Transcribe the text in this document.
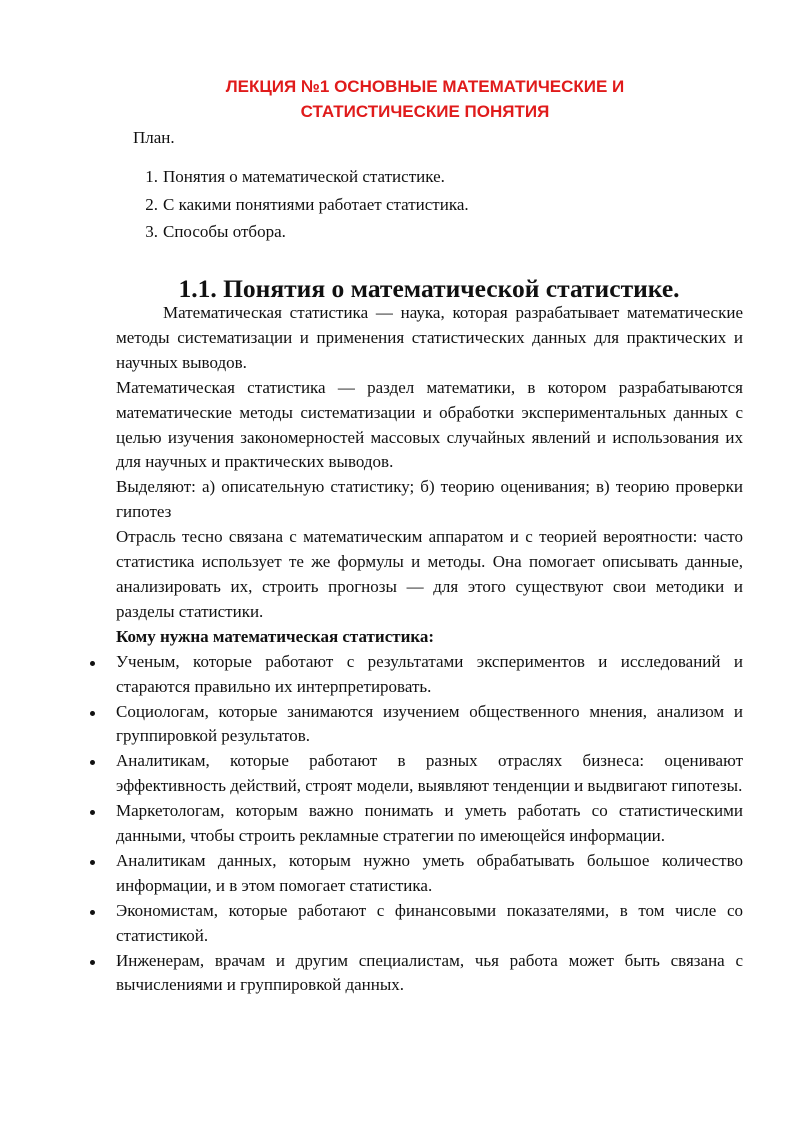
ЛЕКЦИЯ №1 ОСНОВНЫЕ МАТЕМАТИЧЕСКИЕ И
СТАТИСТИЧЕСКИЕ ПОНЯТИЯ

План.

1. Понятия о математической статистике.
2. С какими понятиями работает статистика.
3. Способы отбора.
1.1. Понятия о математической статистике.

Математическая статистика — наука, которая разрабатывает математические методы систематизации и применения статистических данных для практических и научных выводов.

Математическая статистика — раздел математики, в котором разрабатываются математические методы систематизации и обработки экспериментальных данных с целью изучения закономерностей массовых случайных явлений и использования их для научных и практических выводов.

Выделяют: а) описательную статистику; б) теорию оценивания; в) теорию проверки гипотез

Отрасль тесно связана с математическим аппаратом и с теорией вероятности: часто статистика использует те же формулы и методы. Она помогает описывать данные, анализировать их, строить прогнозы — для этого существуют свои методики и разделы статистики.

Кому нужна математическая статистика:

Ученым, которые работают с результатами экспериментов и исследований и стараются правильно их интерпретировать.
Социологам, которые занимаются изучением общественного мнения, анализом и группировкой результатов.
Аналитикам, которые работают в разных отраслях бизнеса: оценивают эффективность действий, строят модели, выявляют тенденции и выдвигают гипотезы.
Маркетологам, которым важно понимать и уметь работать со статистическими данными, чтобы строить рекламные стратегии по имеющейся информации.
Аналитикам данных, которым нужно уметь обрабатывать большое количество информации, и в этом помогает статистика.
Экономистам, которые работают с финансовыми показателями, в том числе со статистикой.
Инженерам, врачам и другим специалистам, чья работа может быть связана с вычислениями и группировкой данных.
